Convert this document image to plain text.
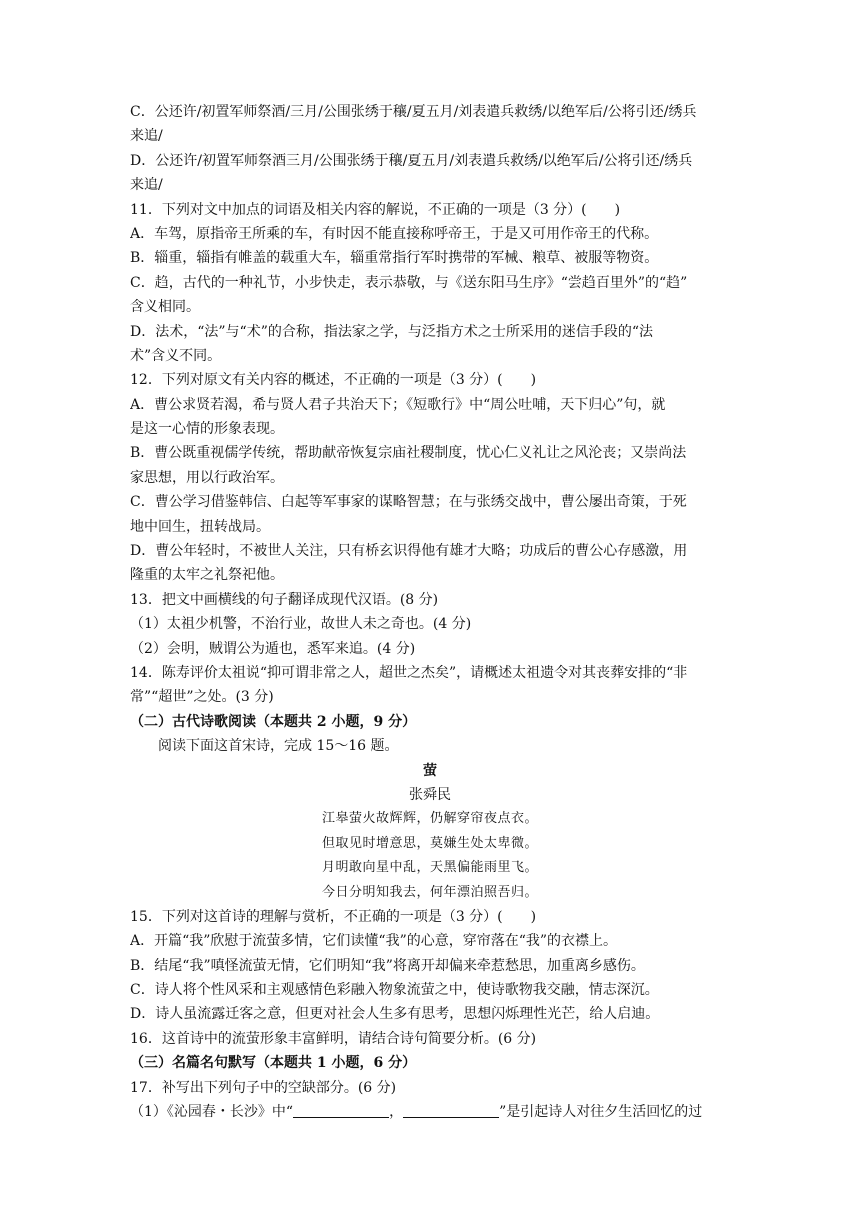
C．公还许/初置军师祭酒/三月/公围张绣于穰/夏五月/刘表遣兵救绣/以绝军后/公将引还/绣兵
来追/
D．公还许/初置军师祭酒三月/公围张绣于穰/夏五月/刘表遣兵救绣/以绝军后/公将引还/绣兵
来追/
11．下列对文中加点的词语及相关内容的解说，不正确的一项是（3 分）(　　)
A．车驾，原指帝王所乘的车，有时因不能直接称呼帝王，于是又可用作帝王的代称。
B．辎重，辎指有帷盖的载重大车，辎重常指行军时携带的军械、粮草、被服等物资。
C．趋，古代的一种礼节，小步快走，表示恭敬，与《送东阳马生序》“尝趋百里外”的“趋”
含义相同。
D．法术，“法”与“术”的合称，指法家之学，与泛指方术之士所采用的迷信手段的“法
术”含义不同。
12．下列对原文有关内容的概述，不正确的一项是（3 分）(　　)
A．曹公求贤若渴，希与贤人君子共治天下；《短歌行》中“周公吐哺，天下归心”句，就
是这一心情的形象表现。
B．曹公既重视儒学传统，帮助献帝恢复宗庙社稷制度，忧心仁义礼让之风沦丧；又崇尚法
家思想，用以行政治军。
C．曹公学习借鉴韩信、白起等军事家的谋略智慧；在与张绣交战中，曹公屡出奇策，于死
地中回生，扭转战局。
D．曹公年轻时，不被世人关注，只有桥玄识得他有雄才大略；功成后的曹公心存感激，用
隆重的太牢之礼祭祀他。
13．把文中画横线的句子翻译成现代汉语。(8 分)
（1）太祖少机警，不治行业，故世人未之奇也。(4 分)
（2）会明，贼谓公为遁也，悉军来追。(4 分)
14．陈寿评价太祖说“抑可谓非常之人，超世之杰矣”，请概述太祖遗令对其丧葬安排的“非
常”“超世”之处。(3 分)
（二）古代诗歌阅读（本题共 2 小题，9 分）
阅读下面这首宋诗，完成 15～16 题。
萤
张舜民
江皋萤火故辉辉，仍解穿帘夜点衣。
但取见时增意思，莫嫌生处太卑微。
月明敢向星中乱，天黑偏能雨里飞。
今日分明知我去，何年漂泊照吾归。
15．下列对这首诗的理解与赏析，不正确的一项是（3 分）(　　)
A．开篇“我”欣慰于流萤多情，它们读懂“我”的心意，穿帘落在“我”的衣襟上。
B．结尾“我”嗔怪流萤无情，它们明知“我”将离开却偏来牵惹愁思，加重离乡感伤。
C．诗人将个性风采和主观感情色彩融入物象流萤之中，使诗歌物我交融，情志深沉。
D．诗人虽流露迁客之意，但更对社会人生多有思考，思想闪烁理性光芒，给人启迪。
16．这首诗中的流萤形象丰富鲜明，请结合诗句简要分析。(6 分)
（三）名篇名句默写（本题共 1 小题，6 分）
17．补写出下列句子中的空缺部分。(6 分)
（1）《沁园春・长沙》中“	，	”是引起诗人对往夕生活回忆的过
